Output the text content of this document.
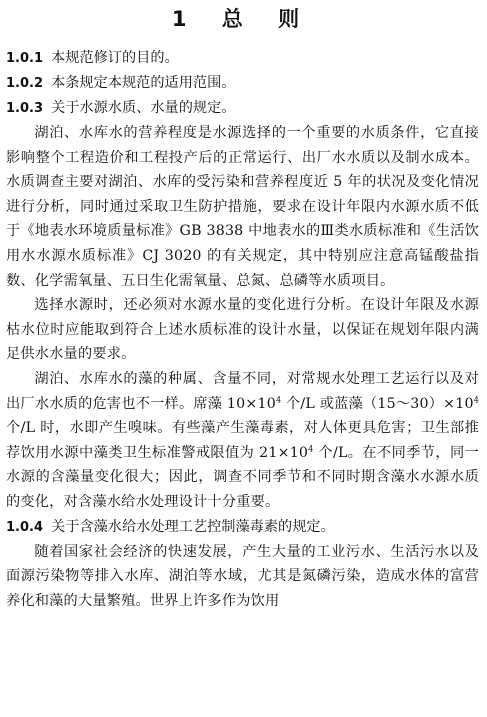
1 总 则
1.0.1 本规范修订的目的。
1.0.2 本条规定本规范的适用范围。
1.0.3 关于水源水质、水量的规定。

湖泊、水库水的营养程度是水源选择的一个重要的水质条件，它直接影响整个工程造价和工程投产后的正常运行、出厂水水质以及制水成本。水质调查主要对湖泊、水库的受污染和营养程度近 5 年的状况及变化情况进行分析，同时通过采取卫生防护措施，要求在设计年限内水源水质不低于《地表水环境质量标准》GB 3838 中地表水的Ⅲ类水质标准和《生活饮用水水源水质标准》CJ 3020 的有关规定，其中特别应注意高锰酸盐指数、化学需氧量、五日生化需氧量、总氮、总磷等水质项目。

选择水源时，还必须对水源水量的变化进行分析。在设计年限及水源枯水位时应能取到符合上述水质标准的设计水量，以保证在规划年限内满足供水水量的要求。

湖泊、水库水的藻的种属、含量不同，对常规水处理工艺运行以及对出厂水水质的危害也不一样。席藻 $10\times 10^4$ 个/L 或蓝藻$(15\sim 30)\times 10^4$ 个/L 时，水即产生嗅味。有些藻产生藻毒素，对人体更具危害；卫生部推荐饮用水源中藻类卫生标准警戒限值为 $21\times 10^4$ 个/L。在不同季节，同一水源的含藻量变化很大；因此，调查不同季节和不同时期含藻水水源水质的变化，对含藻水给水处理设计十分重要。

1.0.4 关于含藻水给水处理工艺控制藻毒素的规定。

随着国家社会经济的快速发展，产生大量的工业污水、生活污水以及面源污染物等排入水库、湖泊等水域，尤其是氮磷污染，造成水体的富营养化和藻的大量繁殖。世界上许多作为饮用
